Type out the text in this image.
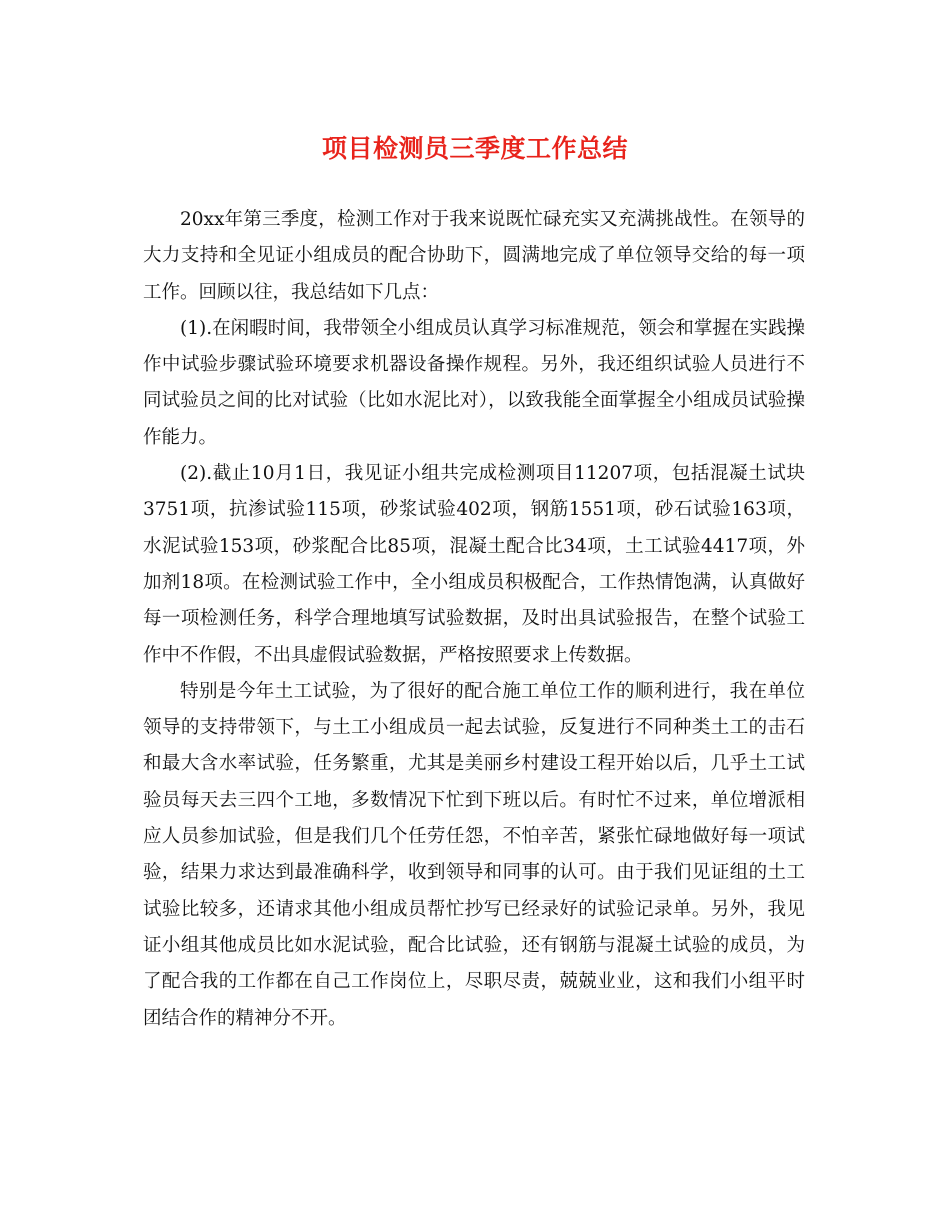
项目检测员三季度工作总结

20xx年第三季度，检测工作对于我来说既忙碌充实又充满挑战性。在领导的大力支持和全见证小组成员的配合协助下，圆满地完成了单位领导交给的每一项工作。回顾以往，我总结如下几点：

(1).在闲暇时间，我带领全小组成员认真学习标准规范，领会和掌握在实践操作中试验步骤试验环境要求机器设备操作规程。另外，我还组织试验人员进行不同试验员之间的比对试验（比如水泥比对），以致我能全面掌握全小组成员试验操作能力。

(2).截止10月1日，我见证小组共完成检测项目11207项，包括混凝土试块3751项，抗渗试验115项，砂浆试验402项，钢筋1551项，砂石试验163项，水泥试验153项，砂浆配合比85项，混凝土配合比34项，土工试验4417项，外加剂18项。在检测试验工作中，全小组成员积极配合，工作热情饱满，认真做好每一项检测任务，科学合理地填写试验数据，及时出具试验报告，在整个试验工作中不作假，不出具虚假试验数据，严格按照要求上传数据。

特别是今年土工试验，为了很好的配合施工单位工作的顺利进行，我在单位领导的支持带领下，与土工小组成员一起去试验，反复进行不同种类土工的击石和最大含水率试验，任务繁重，尤其是美丽乡村建设工程开始以后，几乎土工试验员每天去三四个工地，多数情况下忙到下班以后。有时忙不过来，单位增派相应人员参加试验，但是我们几个任劳任怨，不怕辛苦，紧张忙碌地做好每一项试验，结果力求达到最准确科学，收到领导和同事的认可。由于我们见证组的土工试验比较多，还请求其他小组成员帮忙抄写已经录好的试验记录单。另外，我见证小组其他成员比如水泥试验，配合比试验，还有钢筋与混凝土试验的成员，为了配合我的工作都在自己工作岗位上，尽职尽责，兢兢业业，这和我们小组平时团结合作的精神分不开。
